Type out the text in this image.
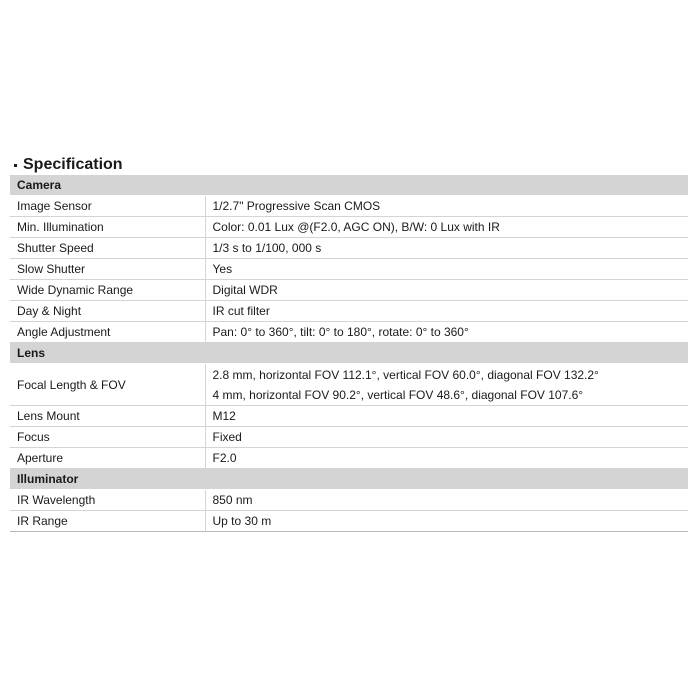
Specification
Camera	
Image Sensor	1/2.7" Progressive Scan CMOS
Min. Illumination	Color: 0.01 Lux @(F2.0, AGC ON), B/W: 0 Lux with IR
Shutter Speed	1/3 s to 1/100, 000 s
Slow Shutter	Yes
Wide Dynamic Range	Digital WDR
Day & Night	IR cut filter
Angle Adjustment	Pan: 0° to 360°, tilt: 0° to 180°, rotate: 0° to 360°
Lens	
Focal Length & FOV	2.8 mm, horizontal FOV 112.1°, vertical FOV 60.0°, diagonal FOV 132.2°
4 mm, horizontal FOV 90.2°, vertical FOV 48.6°, diagonal FOV 107.6°

Lens Mount	M12
Focus	Fixed
Aperture	F2.0
Illuminator	
IR Wavelength	850 nm
IR Range	Up to 30 m
